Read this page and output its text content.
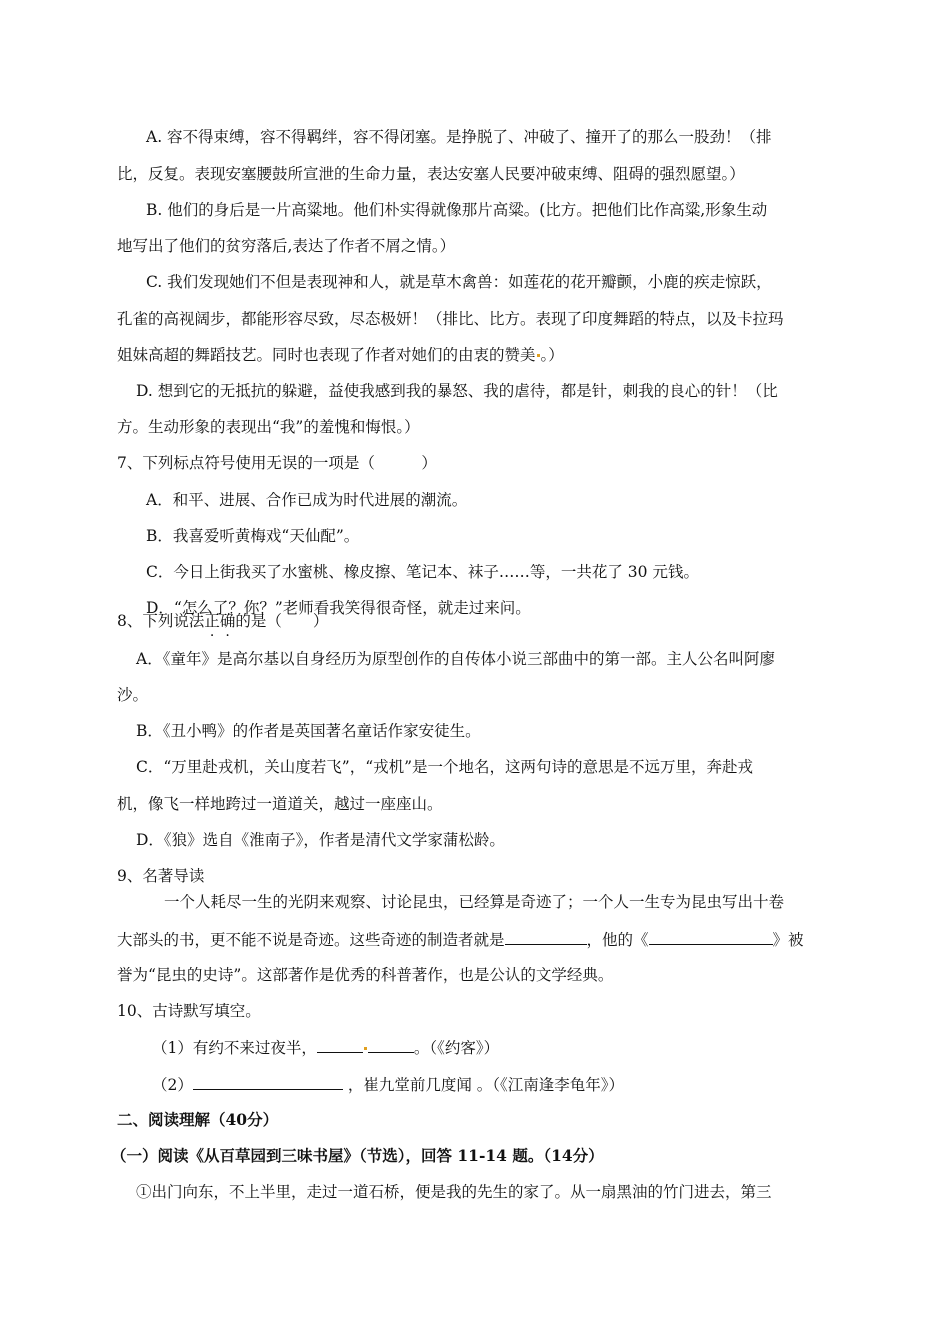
A. 容不得束缚，容不得羁绊，容不得闭塞。是挣脱了、冲破了、撞开了的那么一股劲！（排
比，反复。表现安塞腰鼓所宣泄的生命力量，表达安塞人民要冲破束缚、阻碍的强烈愿望。）
B. 他们的身后是一片高粱地。他们朴实得就像那片高粱。(比方。把他们比作高粱,形象生动
地写出了他们的贫穷落后,表达了作者不屑之情。）
C. 我们发现她们不但是表现神和人，就是草木禽兽：如莲花的花开瓣颤，小鹿的疾走惊跃，
孔雀的高视阔步，都能形容尽致，尽态极妍！（排比、比方。表现了印度舞蹈的特点，以及卡拉玛
姐妹高超的舞蹈技艺。同时也表现了作者对她们的由衷的赞美 。）
D. 想到它的无抵抗的躲避，益使我感到我的暴怒、我的虐待，都是针，刺我的良心的针！（比
方。生动形象的表现出“我”的羞愧和悔恨。）
7、下列标点符号使用无误的一项是（　　　）
A．和平、进展、合作已成为时代进展的潮流。
B．我喜爱听黄梅戏“天仙配”。
C．今日上街我买了水蜜桃、橡皮擦、笔记本、袜子……等，一共花了 30 元钱。
D．“怎么了？你？”老师看我笑得很奇怪，就走过来问。
8、下列说法正确的是（　　）
A．《童年》是高尔基以自身经历为原型创作的自传体小说三部曲中的第一部。主人公名叫阿廖
沙。
B．《丑小鸭》的作者是英国著名童话作家安徒生。
C．“万里赴戎机，关山度若飞”，“戎机”是一个地名，这两句诗的意思是不远万里，奔赴戎
机，像飞一样地跨过一道道关，越过一座座山。
D．《狼》选自《淮南子》，作者是清代文学家蒲松龄。
9、名著导读
一个人耗尽一生的光阴来观察、讨论昆虫，已经算是奇迹了；一个人一生专为昆虫写出十卷
大部头的书，更不能不说是奇迹。这些奇迹的制造者就是	，他的《	》被
誉为“昆虫的史诗”。这部著作是优秀的科普著作，也是公认的文学经典。
10、古诗默写填空。
（1）有约不来过夜半，	。（《约客》）
（2）	，崔九堂前几度闻 。（《江南逢李龟年》）
二、阅读理解（40分）
（一）阅读《从百草园到三味书屋》（节选），回答 11-14 题。（14分）
①出门向东，不上半里，走过一道石桥，便是我的先生的家了。从一扇黑油的竹门进去，第三
